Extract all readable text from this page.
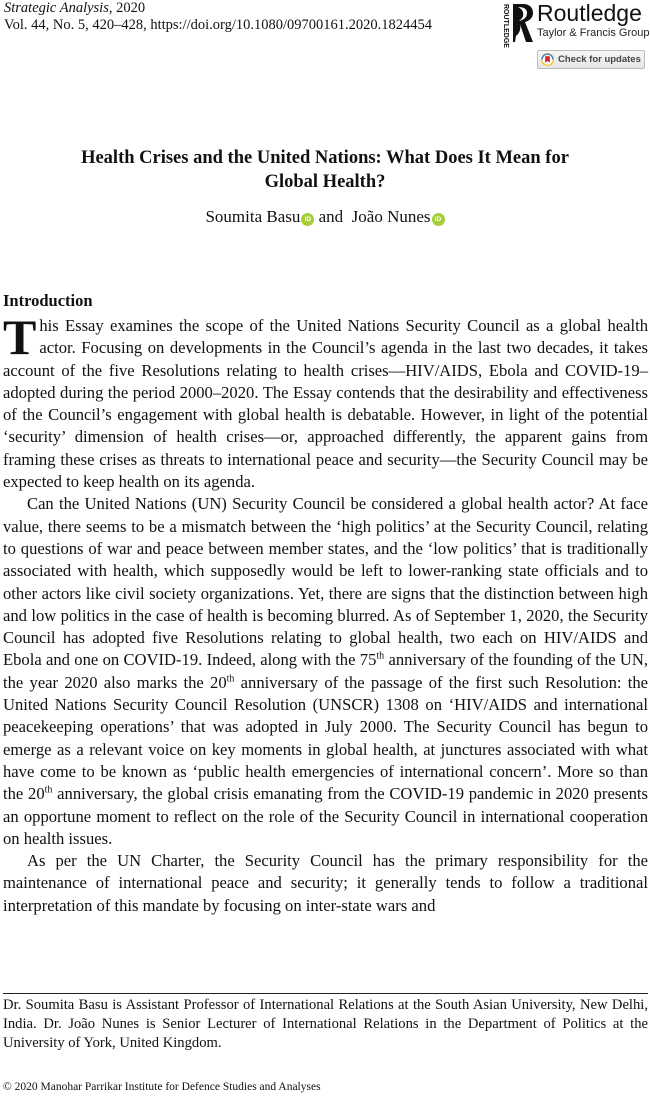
Strategic Analysis, 2020
Vol. 44, No. 5, 420–428, https://doi.org/10.1080/09700161.2020.1824454	ROUTLEDGE Routledge
Taylor & Francis Group
Check for updates
Health Crises and the United Nations: What Does It Mean for
Global Health?
Soumita Basu iD and João Nunes iD
Introduction

This Essay examines the scope of the United Nations Security Council as a global health actor. Focusing on developments in the Council’s agenda in the last two decades, it takes account of the five Resolutions relating to health crises—HIV/AIDS, Ebola and COVID-19–adopted during the period 2000–2020. The Essay contends that the desirability and effectiveness of the Council’s engagement with global health is debatable. However, in light of the potential ‘security’ dimension of health crises—or, approached differently, the apparent gains from framing these crises as threats to international peace and security—the Security Council may be expected to keep health on its agenda.

Can the United Nations (UN) Security Council be considered a global health actor? At face value, there seems to be a mismatch between the ‘high politics’ at the Security Council, relating to questions of war and peace between member states, and the ‘low politics’ that is traditionally associated with health, which supposedly would be left to lower-ranking state officials and to other actors like civil society organizations. Yet, there are signs that the distinction between high and low politics in the case of health is becoming blurred. As of September 1, 2020, the Security Council has adopted five Resolutions relating to global health, two each on HIV/AIDS and Ebola and one on COVID-19. Indeed, along with the 75th anniversary of the founding of the UN, the year 2020 also marks the 20th anniversary of the passage of the first such Resolution: the United Nations Security Council Resolution (UNSCR) 1308 on ‘HIV/AIDS and international peacekeeping operations’ that was adopted in July 2000. The Security Council has begun to emerge as a relevant voice on key moments in global health, at junctures associated with what have come to be known as ‘public health emergencies of international concern’. More so than the 20th anniversary, the global crisis emanating from the COVID-19 pandemic in 2020 presents an opportune moment to reflect on the role of the Security Council in international cooperation on health issues.

As per the UN Charter, the Security Council has the primary responsibility for the maintenance of international peace and security; it generally tends to follow a traditional interpretation of this mandate by focusing on inter-state wars and

Dr. Soumita Basu is Assistant Professor of International Relations at the South Asian University, New Delhi, India. Dr. João Nunes is Senior Lecturer of International Relations in the Department of Politics at the University of York, United Kingdom.
© 2020 Manohar Parrikar Institute for Defence Studies and Analyses
